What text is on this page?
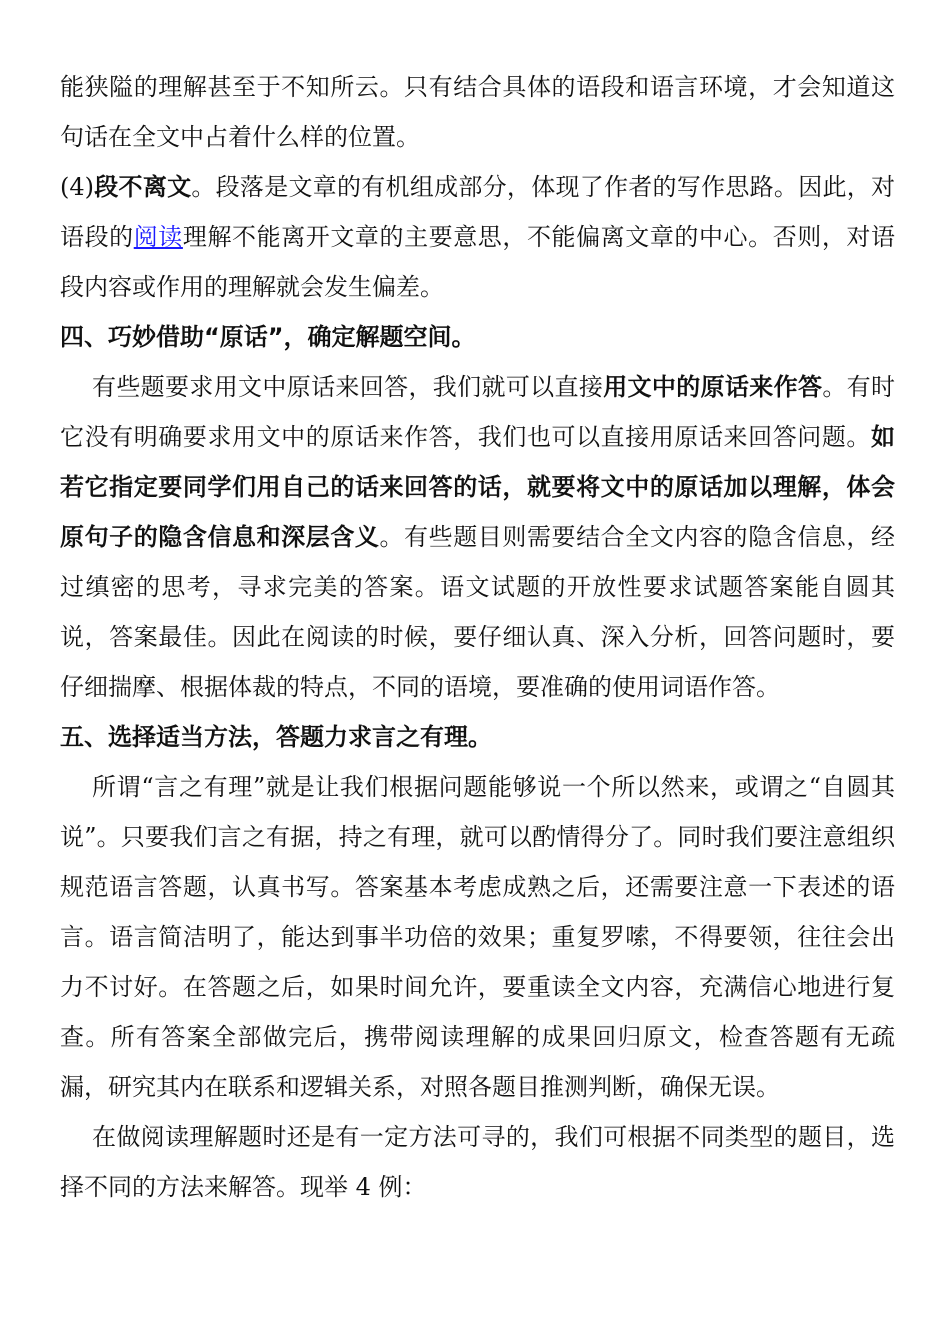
能狭隘的理解甚至于不知所云。只有结合具体的语段和语言环境，才会知道这句话在全文中占着什么样的位置。

(4)段不离文。段落是文章的有机组成部分，体现了作者的写作思路。因此，对语段的阅读理解不能离开文章的主要意思，不能偏离文章的中心。否则，对语段内容或作用的理解就会发生偏差。

四、巧妙借助“原话”，确定解题空间。

有些题要求用文中原话来回答，我们就可以直接用文中的原话来作答。有时它没有明确要求用文中的原话来作答，我们也可以直接用原话来回答问题。如若它指定要同学们用自己的话来回答的话，就要将文中的原话加以理解，体会原句子的隐含信息和深层含义。有些题目则需要结合全文内容的隐含信息，经过缜密的思考，寻求完美的答案。语文试题的开放性要求试题答案能自圆其说，答案最佳。因此在阅读的时候，要仔细认真、深入分析，回答问题时，要仔细揣摩、根据体裁的特点，不同的语境，要准确的使用词语作答。

五、选择适当方法，答题力求言之有理。

所谓“言之有理”就是让我们根据问题能够说一个所以然来，或谓之“自圆其说”。只要我们言之有据，持之有理，就可以酌情得分了。同时我们要注意组织规范语言答题，认真书写。答案基本考虑成熟之后，还需要注意一下表述的语言。语言简洁明了，能达到事半功倍的效果；重复罗嗦，不得要领，往往会出力不讨好。在答题之后，如果时间允许，要重读全文内容，充满信心地进行复查。所有答案全部做完后，携带阅读理解的成果回归原文，检查答题有无疏漏，研究其内在联系和逻辑关系，对照各题目推测判断，确保无误。

在做阅读理解题时还是有一定方法可寻的，我们可根据不同类型的题目，选择不同的方法来解答。现举 4 例：
